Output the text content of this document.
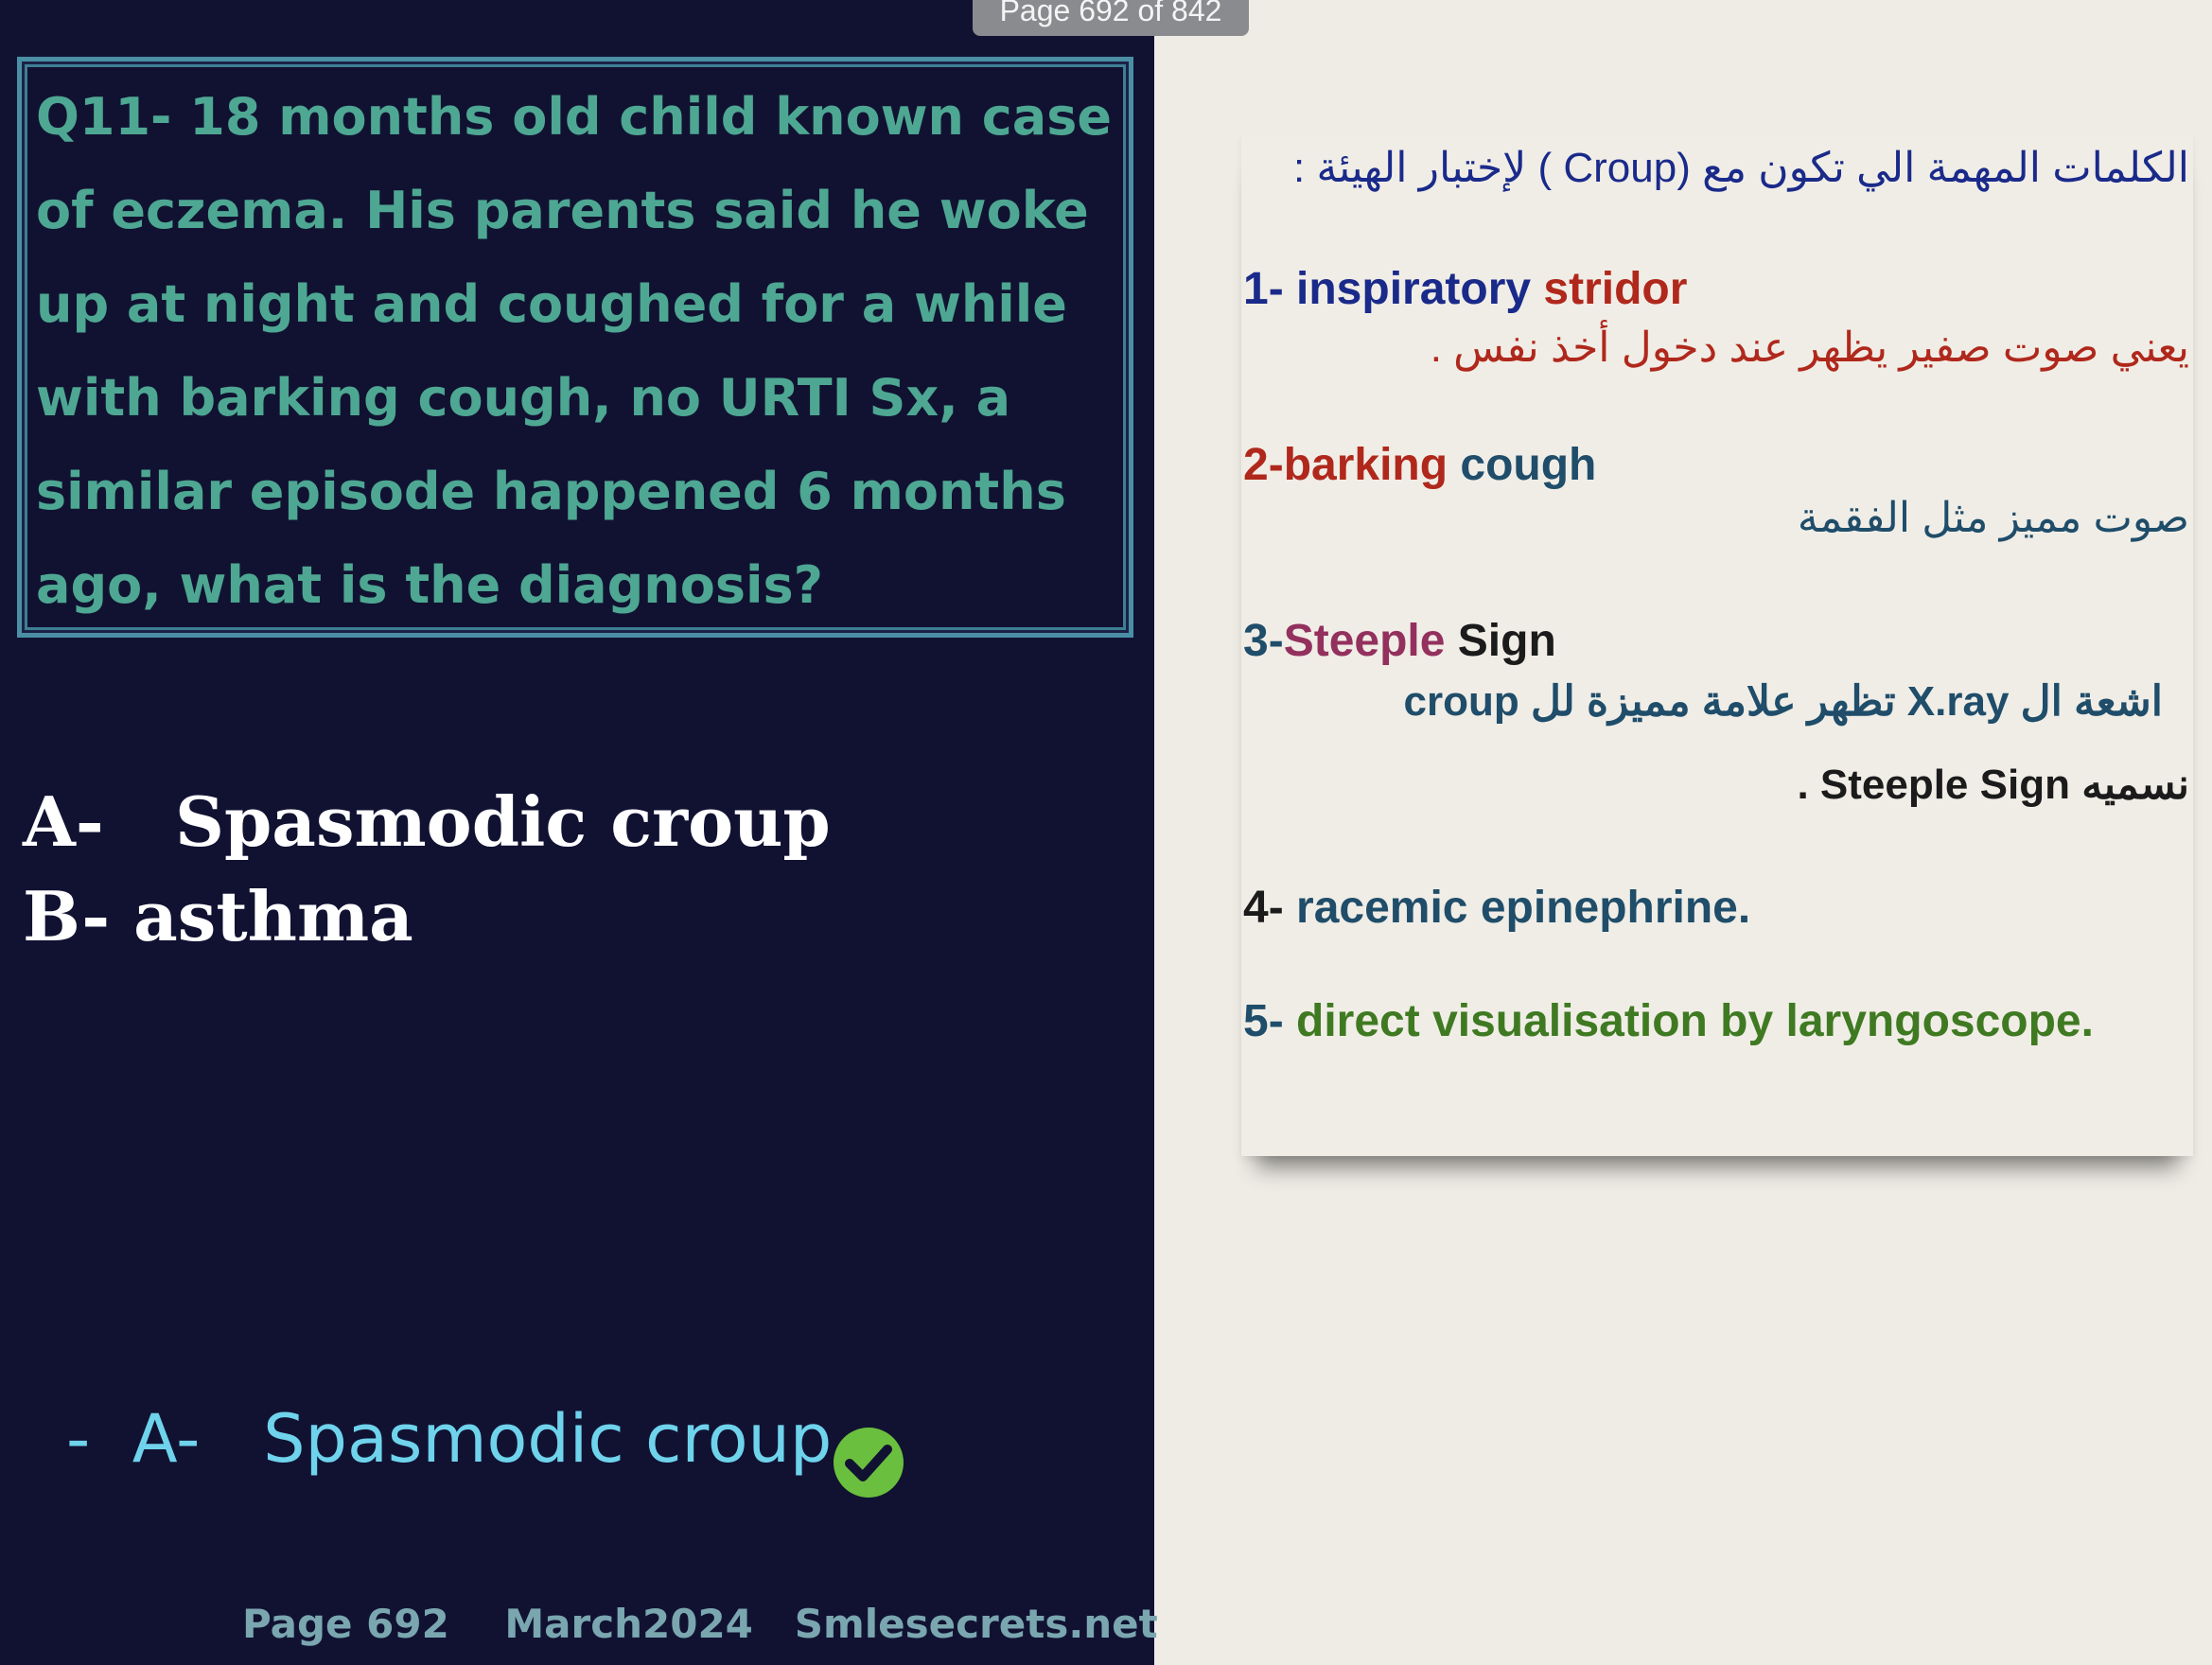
Page 692 of 842
Q11- 18 months old child known case
of eczema. His parents said he woke
up at night and coughed for a while
with barking cough, no URTI Sx, a
similar episode happened 6 months
ago, what is the diagnosis?
A- Spasmodic croup
B- asthma
-  A-   Spasmodic croup
Page 692 March2024 Smlesecrets.net
الكلمات المهمة الي تكون مع (Croup ) لإختبار الهيئة :
1- inspiratory stridor
يعني صوت صفير يظهر عند دخول أخذ نفس .
2-barking cough
صوت مميز مثل الفقمة
3-Steeple Sign
اشعة ال X.ray تظهر علامة مميزة لل croup
نسميه Steeple Sign .
4- racemic epinephrine.
5- direct visualisation by laryngoscope.
